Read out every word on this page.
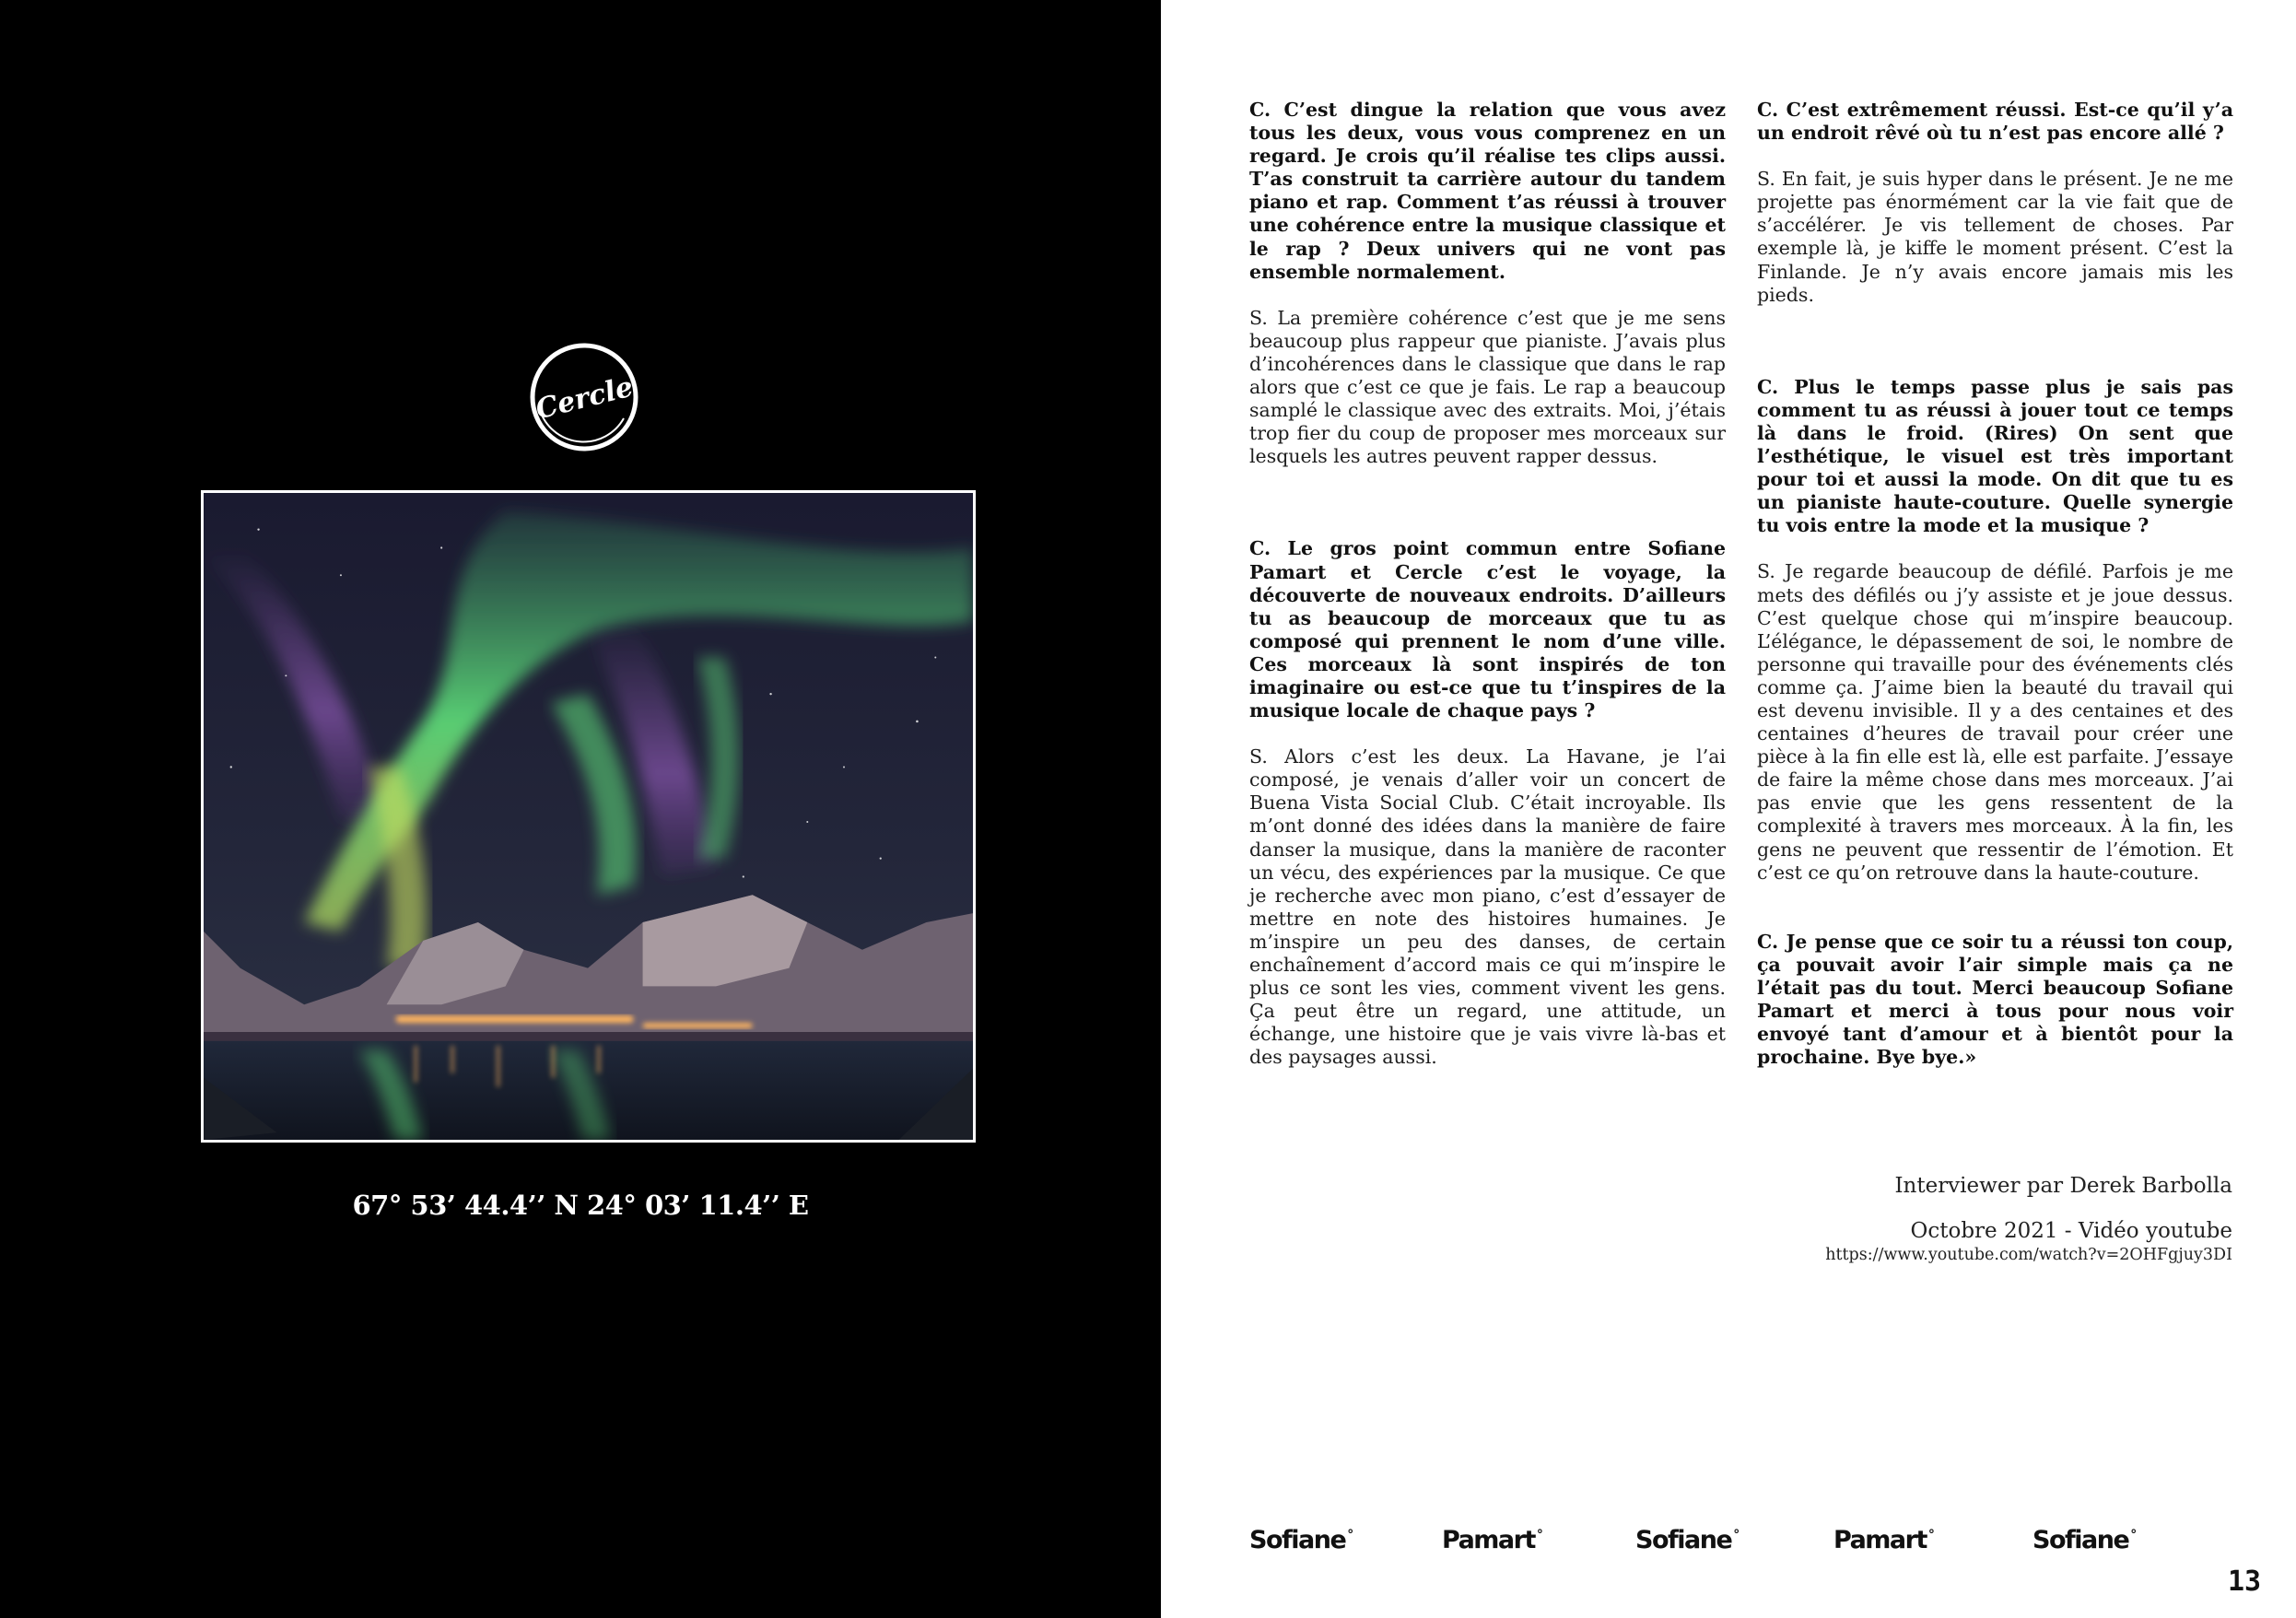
Cercle
67° 53’ 44.4’’ N 24° 03’ 11.4’’ E

C. C’est dingue la relation que vous avez tous les deux, vous vous comprenez en un regard. Je crois qu’il réalise tes clips aussi. T’as construit ta carrière autour du tandem piano et rap. Comment t’as réussi à trouver une cohérence entre la musique classique et le rap ? Deux univers qui ne vont pas ensemble normalement.

S. La première cohérence c’est que je me sens beaucoup plus rappeur que pianiste. J’avais plus d’incohérences dans le classique que dans le rap alors que c’est ce que je fais. Le rap a beaucoup samplé le classique avec des extraits. Moi, j’étais trop fier du coup de proposer mes morceaux sur lesquels les autres peuvent rapper dessus.

C. Le gros point commun entre Sofiane Pamart et Cercle c’est le voyage, la découverte de nouveaux endroits. D’ailleurs tu as beaucoup de morceaux que tu as composé qui prennent le nom d’une ville. Ces morceaux là sont inspirés de ton imaginaire ou est-ce que tu t’inspires de la musique locale de chaque pays ?

S. Alors c’est les deux. La Havane, je l’ai composé, je venais d’aller voir un concert de Buena Vista Social Club. C’était incroyable. Ils m’ont donné des idées dans la manière de faire danser la musique, dans la manière de raconter un vécu, des expériences par la musique. Ce que je recherche avec mon piano, c’est d’essayer de mettre en note des histoires humaines. Je m’inspire un peu des danses, de certain enchaînement d’accord mais ce qui m’inspire le plus ce sont les vies, comment vivent les gens. Ça peut être un regard, une attitude, un échange, une histoire que je vais vivre là-bas et des paysages aussi.

C. C’est extrêmement réussi. Est-ce qu’il y’a un endroit rêvé où tu n’est pas encore allé ?

S. En fait, je suis hyper dans le présent. Je ne me projette pas énormément car la vie fait que de s’accélérer. Je vis tellement de choses. Par exemple là, je kiffe le moment présent. C’est la Finlande. Je n’y avais encore jamais mis les pieds.

C. Plus le temps passe plus je sais pas comment tu as réussi à jouer tout ce temps là dans le froid. (Rires) On sent que l’esthétique, le visuel est très important pour toi et aussi la mode. On dit que tu es un pianiste haute-couture. Quelle synergie tu vois entre la mode et la musique ?

S. Je regarde beaucoup de défilé. Parfois je me mets des défilés ou j’y assiste et je joue dessus. C’est quelque chose qui m’inspire beaucoup. L’élégance, le dépassement de soi, le nombre de personne qui travaille pour des événements clés comme ça. J’aime bien la beauté du travail qui est devenu invisible. Il y a des centaines et des centaines d’heures de travail pour créer une pièce à la fin elle est là, elle est parfaite. J’essaye de faire la même chose dans mes morceaux. J’ai pas envie que les gens ressentent de la complexité à travers mes morceaux. À la fin, les gens ne peuvent que ressentir de l’émotion. Et c’est ce qu’on retrouve dans la haute-couture.

C. Je pense que ce soir tu a réussi ton coup, ça pouvait avoir l’air simple mais ça ne l’était pas du tout. Merci beaucoup Sofiane Pamart et merci à tous pour nous voir envoyé tant d’amour et à bientôt pour la prochaine. Bye bye.»

Interviewer par Derek Barbolla
Octobre 2021 - Vidéo youtube
https://www.youtube.com/watch?v=2OHFgjuy3DI
Sofiane °	Pamart °	Sofiane °	Pamart °	Sofiane °
13
